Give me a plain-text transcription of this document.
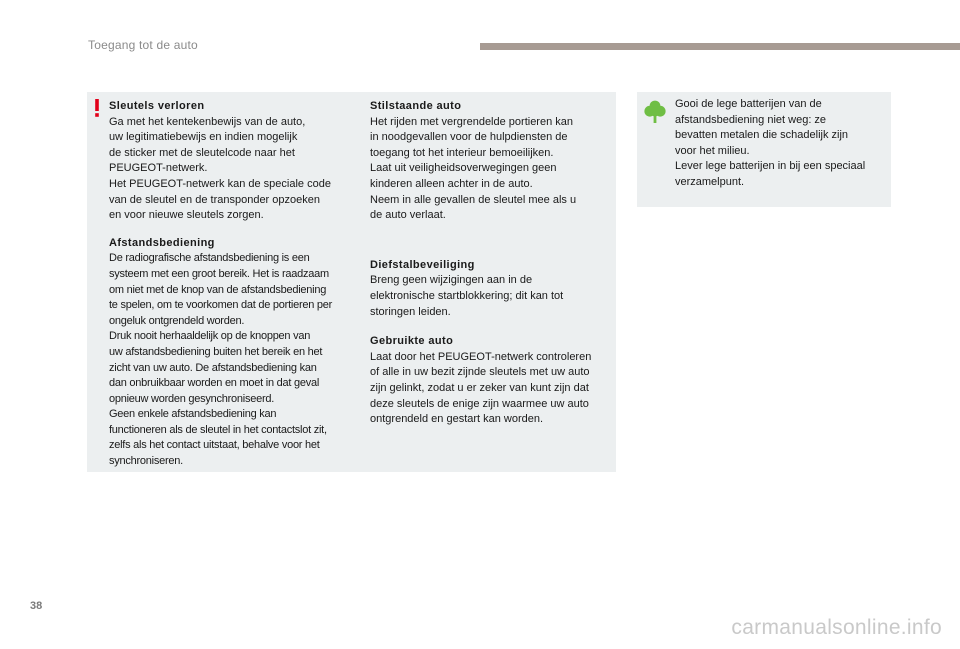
Toegang tot de auto

Sleutels verloren

Ga met het kentekenbewijs van de auto,

uw legitimatiebewijs en indien mogelijk

de sticker met de sleutelcode naar het

PEUGEOT-netwerk.

Het PEUGEOT-netwerk kan de speciale code

van de sleutel en de transponder opzoeken

en voor nieuwe sleutels zorgen.

Afstandsbediening

De radiografische afstandsbediening is een

systeem met een groot bereik. Het is raadzaam

om niet met de knop van de afstandsbediening

te spelen, om te voorkomen dat de portieren per

ongeluk ontgrendeld worden.

Druk nooit herhaaldelijk op de knoppen van

uw afstandsbediening buiten het bereik en het

zicht van uw auto. De afstandsbediening kan

dan onbruikbaar worden en moet in dat geval

opnieuw worden gesynchroniseerd.

Geen enkele afstandsbediening kan

functioneren als de sleutel in het contactslot zit,

zelfs als het contact uitstaat, behalve voor het

synchroniseren.

Stilstaande auto

Het rijden met vergrendelde portieren kan

in noodgevallen voor de hulpdiensten de

toegang tot het interieur bemoeilijken.

Laat uit veiligheidsoverwegingen geen

kinderen alleen achter in de auto.

Neem in alle gevallen de sleutel mee als u

de auto verlaat.

Diefstalbeveiliging

Breng geen wijzigingen aan in de

elektronische startblokkering; dit kan tot

storingen leiden.

Gebruikte auto

Laat door het PEUGEOT-netwerk controleren

of alle in uw bezit zijnde sleutels met uw auto

zijn gelinkt, zodat u er zeker van kunt zijn dat

deze sleutels de enige zijn waarmee uw auto

ontgrendeld en gestart kan worden.

Gooi de lege batterijen van de

afstandsbediening niet weg: ze

bevatten metalen die schadelijk zijn

voor het milieu.

Lever lege batterijen in bij een speciaal

verzamelpunt.

38
carmanualsonline.info
